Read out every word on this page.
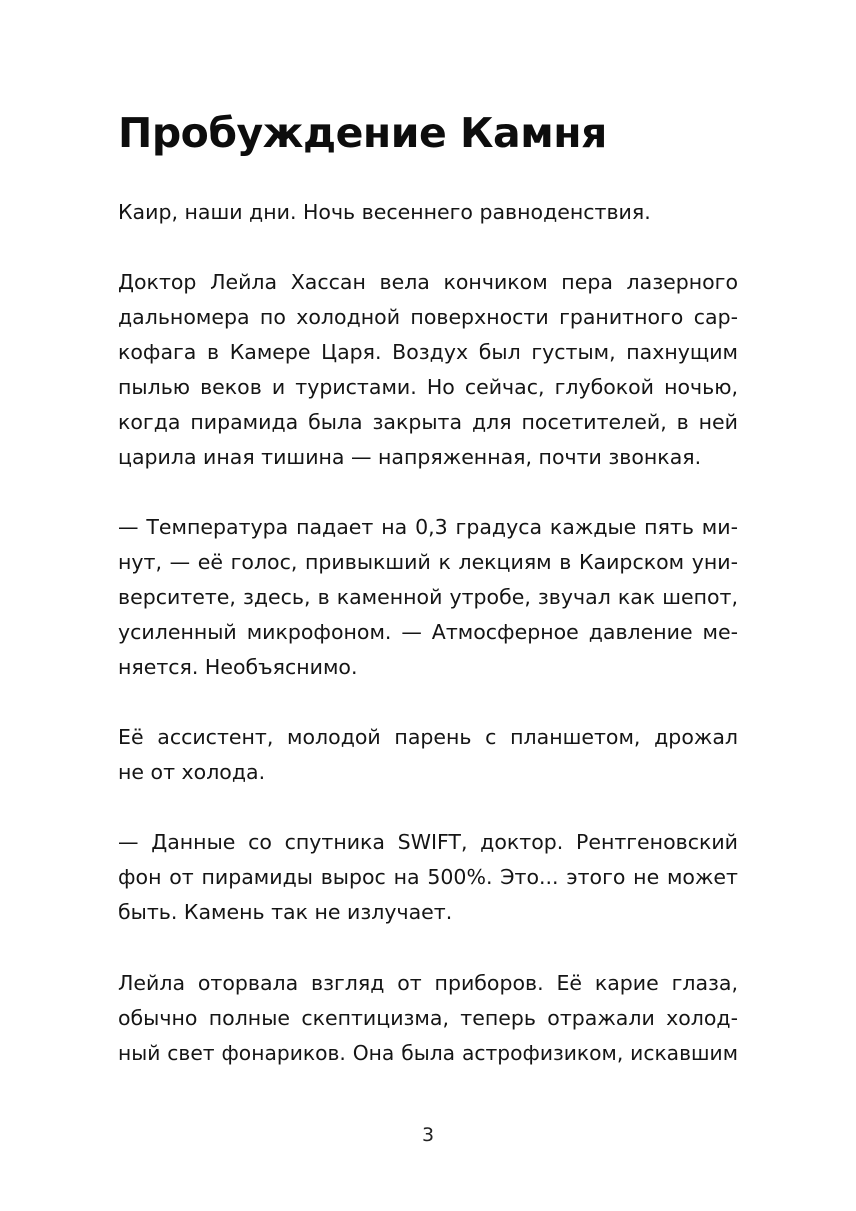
Пробуждение Камня
Каир, наши дни. Ночь весеннего равноденствия.
Доктор Лейла Хассан вела кончиком пера лазерного
дальномера по холодной поверхности гранитного сар-
кофага в Камере Царя. Воздух был густым, пахнущим
пылью веков и туристами. Но сейчас, глубокой ночью,
когда пирамида была закрыта для посетителей, в ней
царила иная тишина — напряженная, почти звонкая.
— Температура падает на 0,3 градуса каждые пять ми-
нут, — её голос, привыкший к лекциям в Каирском уни-
верситете, здесь, в каменной утробе, звучал как шепот,
усиленный микрофоном. — Атмосферное давление ме-
няется. Необъяснимо.
Её ассистент, молодой парень с планшетом, дрожал
не от холода.
— Данные со спутника SWIFT, доктор. Рентгеновский
фон от пирамиды вырос на 500%. Это... этого не может
быть. Камень так не излучает.
Лейла оторвала взгляд от приборов. Её карие глаза,
обычно полные скептицизма, теперь отражали холод-
ный свет фонариков. Она была астрофизиком, искавшим
3
